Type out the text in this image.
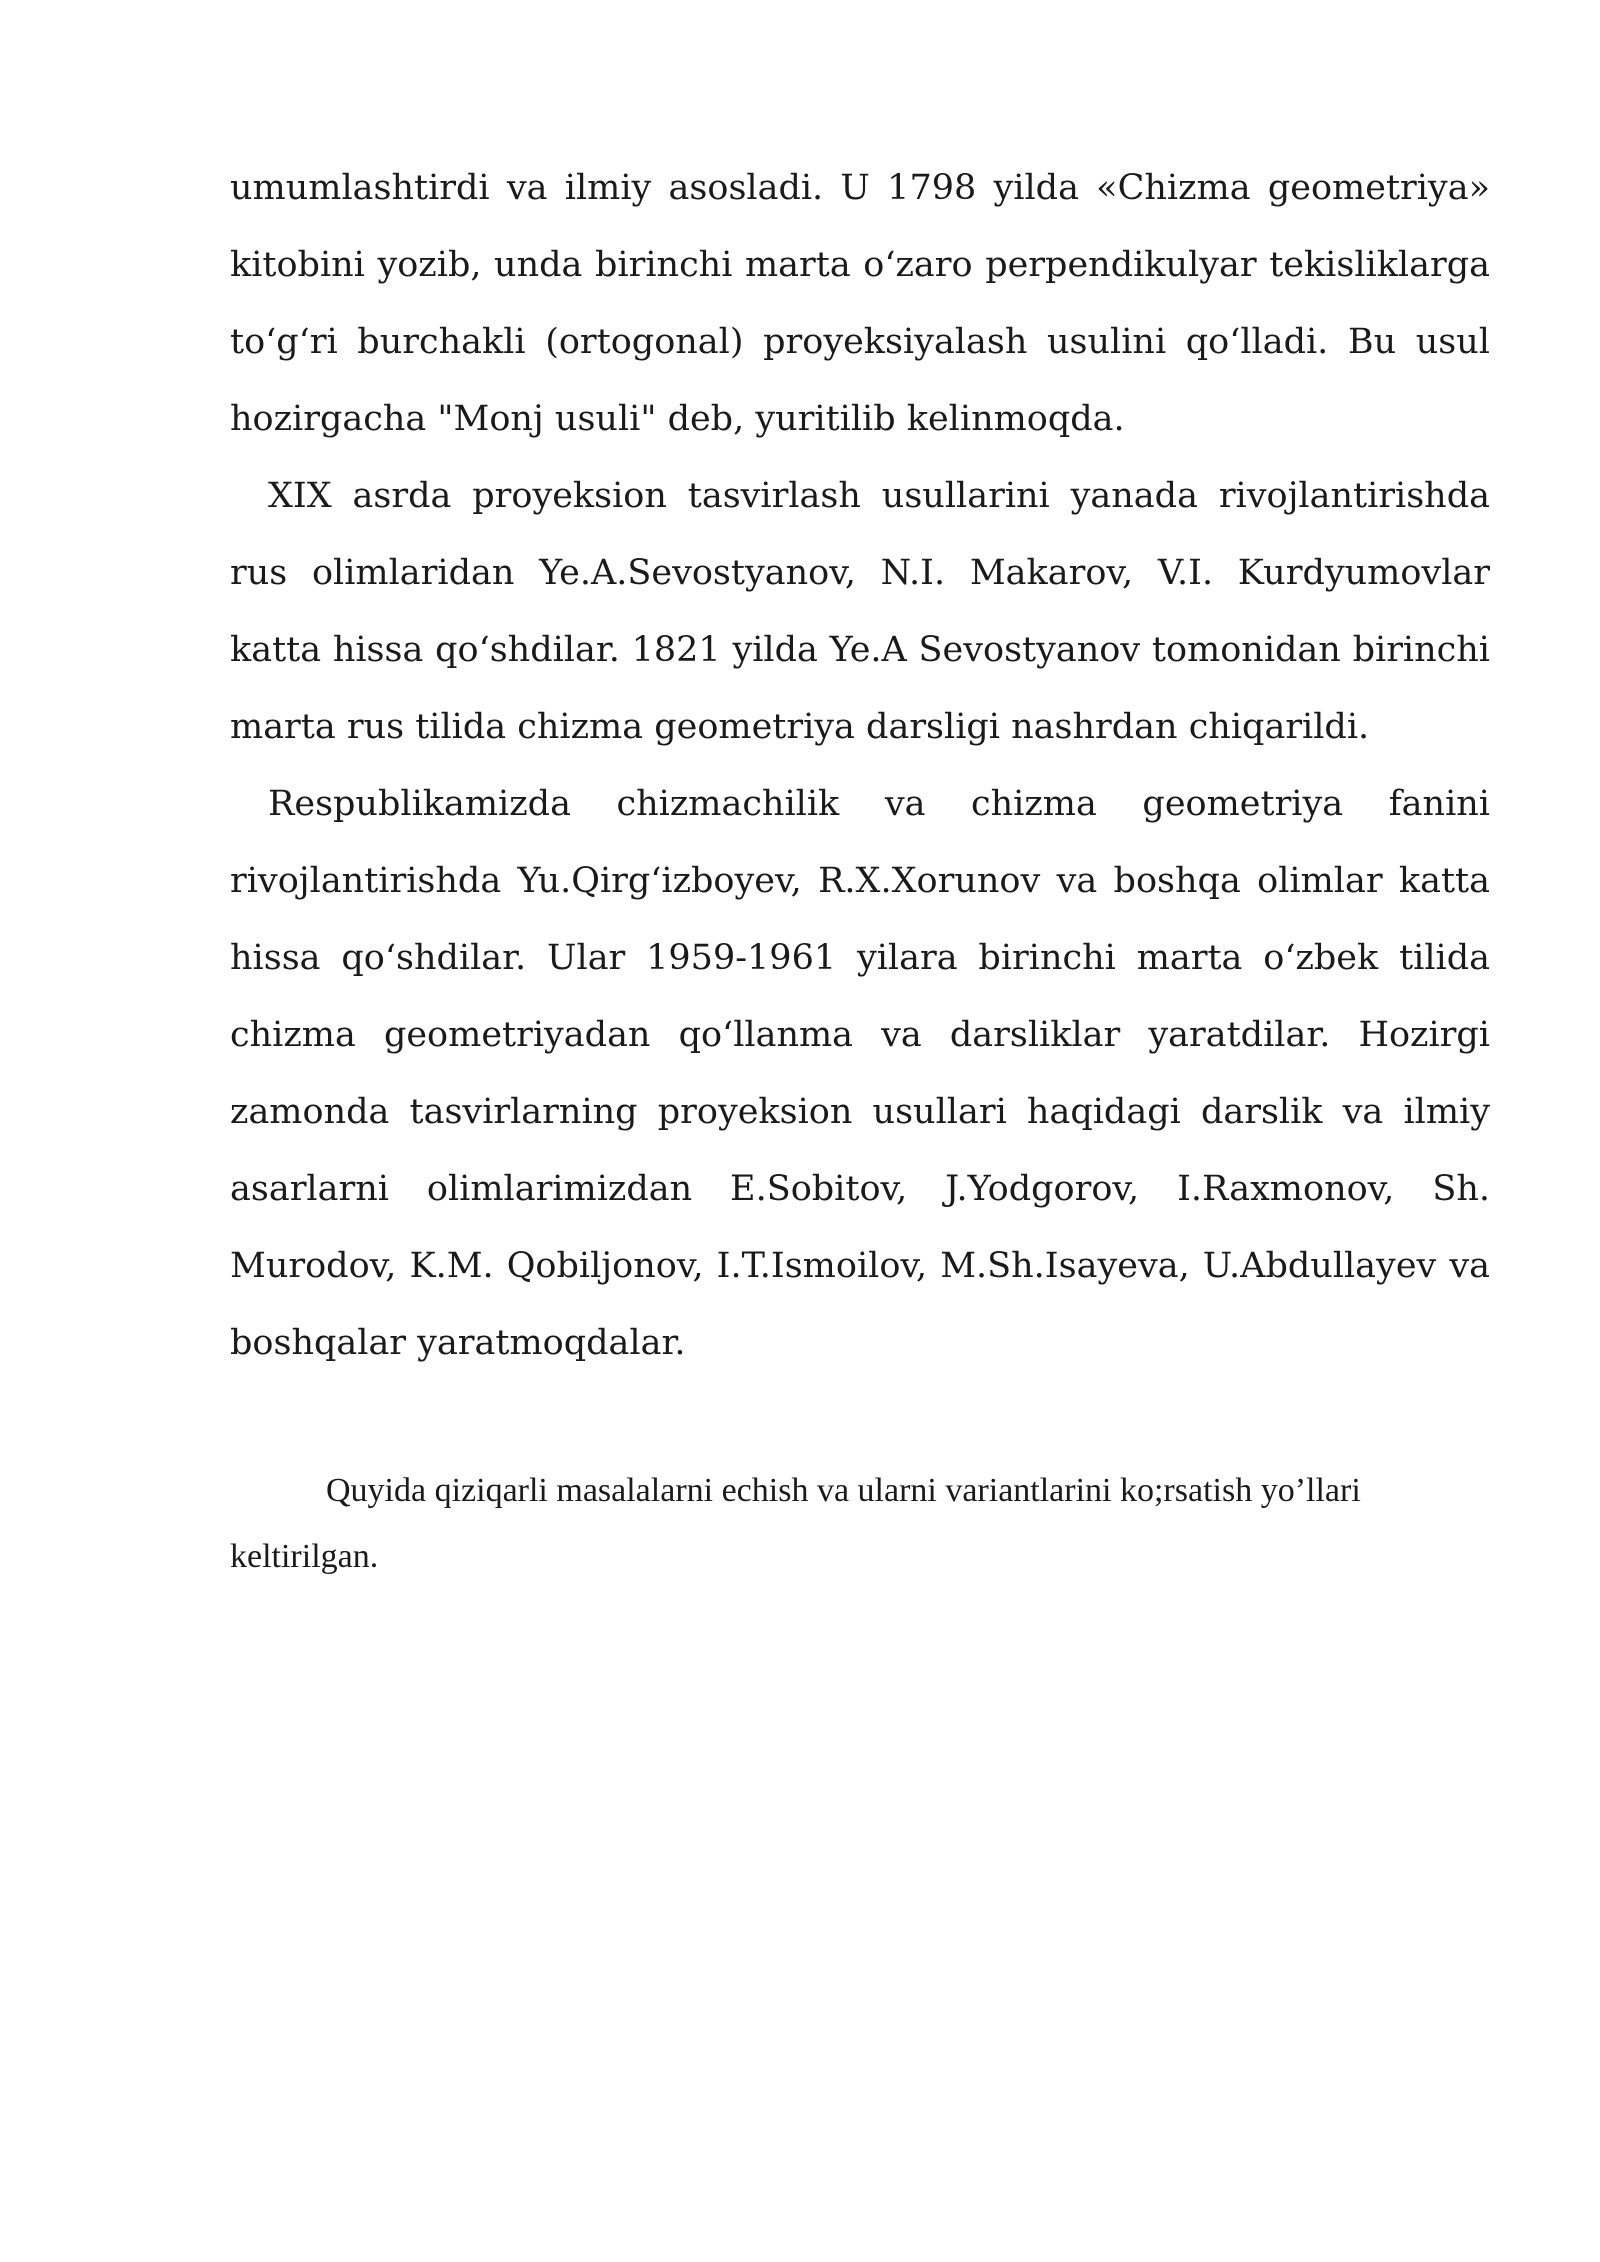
umumlashtirdi va ilmiy asosladi. U 1798 yilda «Chizma geometriya» kitobini yozib, unda birinchi marta o‘zaro perpendikulyar tekisliklarga to‘g‘ri burchakli (ortogonal) proyeksiyalash usulini qo‘lladi. Bu usul hozirgacha "Monj usuli" deb, yuritilib kelinmoqda.

XIX asrda proyeksion tasvirlash usullarini yanada rivojlantirishda rus olimlaridan Ye.A.Sevostyanov, N.I. Makarov, V.I. Kurdyumovlar katta hissa qo‘shdilar. 1821 yilda Ye.A Sevostyanov tomonidan birinchi marta rus tilida chizma geometriya darsligi nashrdan chiqarildi.

Respublikamizda chizmachilik va chizma geometriya fanini rivojlantirishda Yu.Qirg‘izboyev, R.X.Xorunov va boshqa olimlar katta hissa qo‘shdilar. Ular 1959-1961 yilara birinchi marta o‘zbek tilida chizma geometriyadan qo‘llanma va darsliklar yaratdilar. Hozirgi zamonda tasvirlarning proyeksion usullari haqidagi darslik va ilmiy asarlarni olimlarimizdan E.Sobitov, J.Yodgorov, I.Raxmonov, Sh. Murodov, K.M. Qobiljonov, I.T.Ismoilov, M.Sh.Isayeva, U.Abdullayev va boshqalar yaratmoqdalar.

Quyida qiziqarli masalalarni echish va ularni variantlarini ko;rsatish yo’llari keltirilgan.
